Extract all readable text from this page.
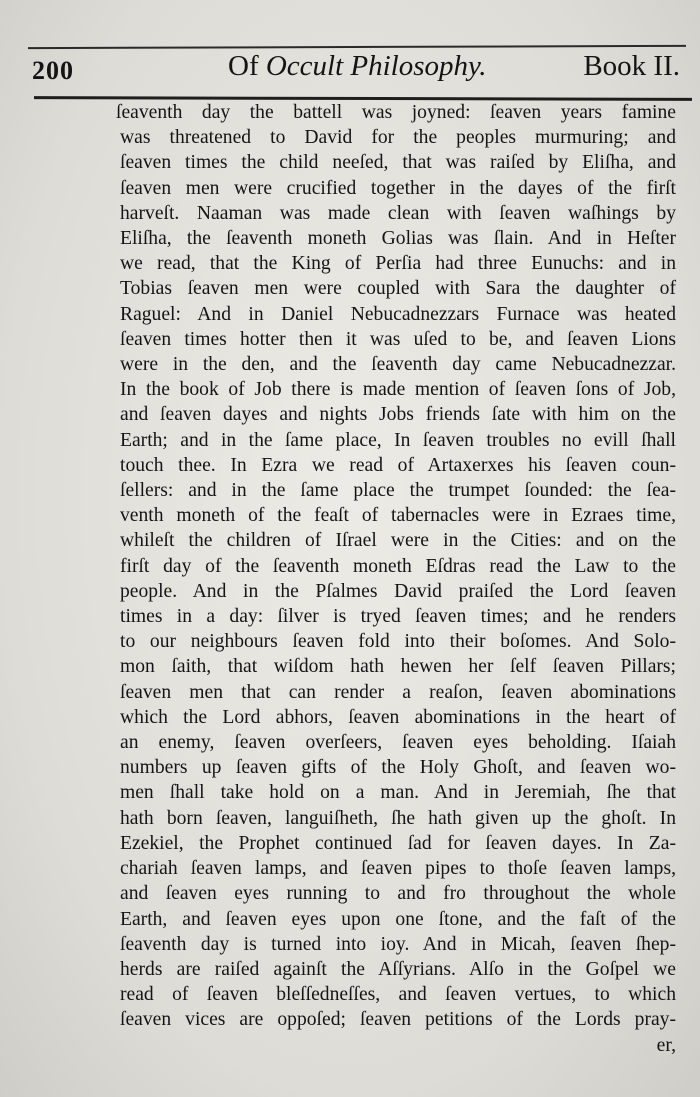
200	Of Occult Philosophy.	Book II.
ſeaventh day the battell was joyned: ſeaven years famine
was threatened to David for the peoples murmuring; and
ſeaven times the child neeſed, that was raiſed by Eliſha, and
ſeaven men were crucified together in the dayes of the firſt
harveſt. Naaman was made clean with ſeaven waſhings by
Eliſha, the ſeaventh moneth Golias was ſlain. And in Heſter
we read, that the King of Perſia had three Eunuchs: and in
Tobias ſeaven men were coupled with Sara the daughter of
Raguel: And in Daniel Nebucadnezzars Furnace was heated
ſeaven times hotter then it was uſed to be, and ſeaven Lions
were in the den, and the ſeaventh day came Nebucadnezzar.
In the book of Job there is made mention of ſeaven ſons of Job,
and ſeaven dayes and nights Jobs friends ſate with him on the
Earth; and in the ſame place, In ſeaven troubles no evill ſhall
touch thee. In Ezra we read of Artaxerxes his ſeaven coun-
ſellers: and in the ſame place the trumpet ſounded: the ſea-
venth moneth of the feaſt of tabernacles were in Ezraes time,
whileſt the children of Iſrael were in the Cities: and on the
firſt day of the ſeaventh moneth Eſdras read the Law to the
people. And in the Pſalmes David praiſed the Lord ſeaven
times in a day: ſilver is tryed ſeaven times; and he renders
to our neighbours ſeaven fold into their boſomes. And Solo-
mon ſaith, that wiſdom hath hewen her ſelf ſeaven Pillars;
ſeaven men that can render a reaſon, ſeaven abominations
which the Lord abhors, ſeaven abominations in the heart of
an enemy, ſeaven overſeers, ſeaven eyes beholding. Iſaiah
numbers up ſeaven gifts of the Holy Ghoſt, and ſeaven wo-
men ſhall take hold on a man. And in Jeremiah, ſhe that
hath born ſeaven, languiſheth, ſhe hath given up the ghoſt. In
Ezekiel, the Prophet continued ſad for ſeaven dayes. In Za-
chariah ſeaven lamps, and ſeaven pipes to thoſe ſeaven lamps,
and ſeaven eyes running to and fro throughout the whole
Earth, and ſeaven eyes upon one ſtone, and the faſt of the
ſeaventh day is turned into ioy. And in Micah, ſeaven ſhep-
herds are raiſed againſt the Aſſyrians. Alſo in the Goſpel we
read of ſeaven bleſſedneſſes, and ſeaven vertues, to which
ſeaven vices are oppoſed; ſeaven petitions of the Lords pray-
er,
